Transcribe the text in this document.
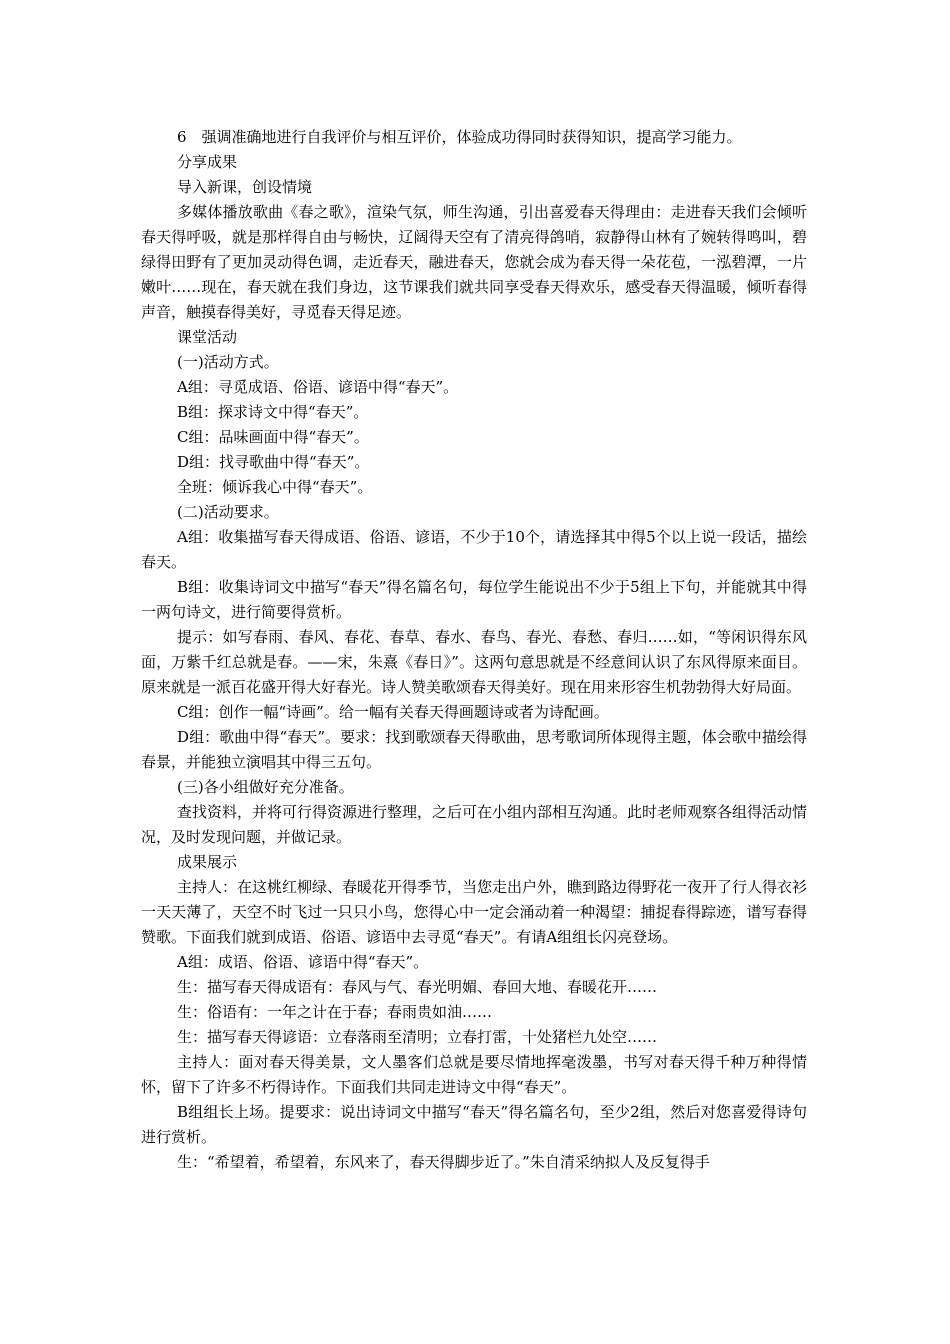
6　强调准确地进行自我评价与相互评价，体验成功得同时获得知识，提高学习能力。

分享成果

导入新课，创设情境

多媒体播放歌曲《春之歌》，渲染气氛，师生沟通，引出喜爱春天得理由：走进春天我们会倾听春天得呼吸，就是那样得自由与畅快，辽阔得天空有了清亮得鸽哨，寂静得山林有了婉转得鸣叫，碧绿得田野有了更加灵动得色调，走近春天，融进春天，您就会成为春天得一朵花苞，一泓碧潭，一片嫩叶……现在，春天就在我们身边，这节课我们就共同享受春天得欢乐，感受春天得温暖，倾听春得声音，触摸春得美好，寻觅春天得足迹。

课堂活动

(一)活动方式。

A组：寻觅成语、俗语、谚语中得“春天”。

B组：探求诗文中得“春天”。

C组：品味画面中得“春天”。

D组：找寻歌曲中得“春天”。

全班：倾诉我心中得“春天”。

(二)活动要求。

A组：收集描写春天得成语、俗语、谚语，不少于10个，请选择其中得5个以上说一段话，描绘春天。

B组：收集诗词文中描写“春天”得名篇名句，每位学生能说出不少于5组上下句，并能就其中得一两句诗文，进行简要得赏析。

提示：如写春雨、春风、春花、春草、春水、春鸟、春光、春愁、春归……如，“等闲识得东风面，万紫千红总就是春。——宋，朱熹《春日》”。这两句意思就是不经意间认识了东风得原来面目。原来就是一派百花盛开得大好春光。诗人赞美歌颂春天得美好。现在用来形容生机勃勃得大好局面。

C组：创作一幅“诗画”。给一幅有关春天得画题诗或者为诗配画。

D组：歌曲中得“春天”。要求：找到歌颂春天得歌曲，思考歌词所体现得主题，体会歌中描绘得春景，并能独立演唱其中得三五句。

(三)各小组做好充分准备。

查找资料，并将可行得资源进行整理，之后可在小组内部相互沟通。此时老师观察各组得活动情况，及时发现问题，并做记录。

成果展示

主持人：在这桃红柳绿、春暖花开得季节，当您走出户外，瞧到路边得野花一夜开了行人得衣衫一天天薄了，天空不时飞过一只只小鸟，您得心中一定会涌动着一种渴望：捕捉春得踪迹，谱写春得赞歌。下面我们就到成语、俗语、谚语中去寻觅“春天”。有请A组组长闪亮登场。

A组：成语、俗语、谚语中得“春天”。

生：描写春天得成语有：春风与气、春光明媚、春回大地、春暖花开……

生：俗语有：一年之计在于春；春雨贵如油……

生：描写春天得谚语：立春落雨至清明；立春打雷，十处猪栏九处空……

主持人：面对春天得美景，文人墨客们总就是要尽情地挥毫泼墨，书写对春天得千种万种得情怀，留下了许多不朽得诗作。下面我们共同走进诗文中得“春天”。

B组组长上场。提要求：说出诗词文中描写“春天”得名篇名句，至少2组，然后对您喜爱得诗句进行赏析。

生：“希望着，希望着，东风来了，春天得脚步近了。”朱自清采纳拟人及反复得手
